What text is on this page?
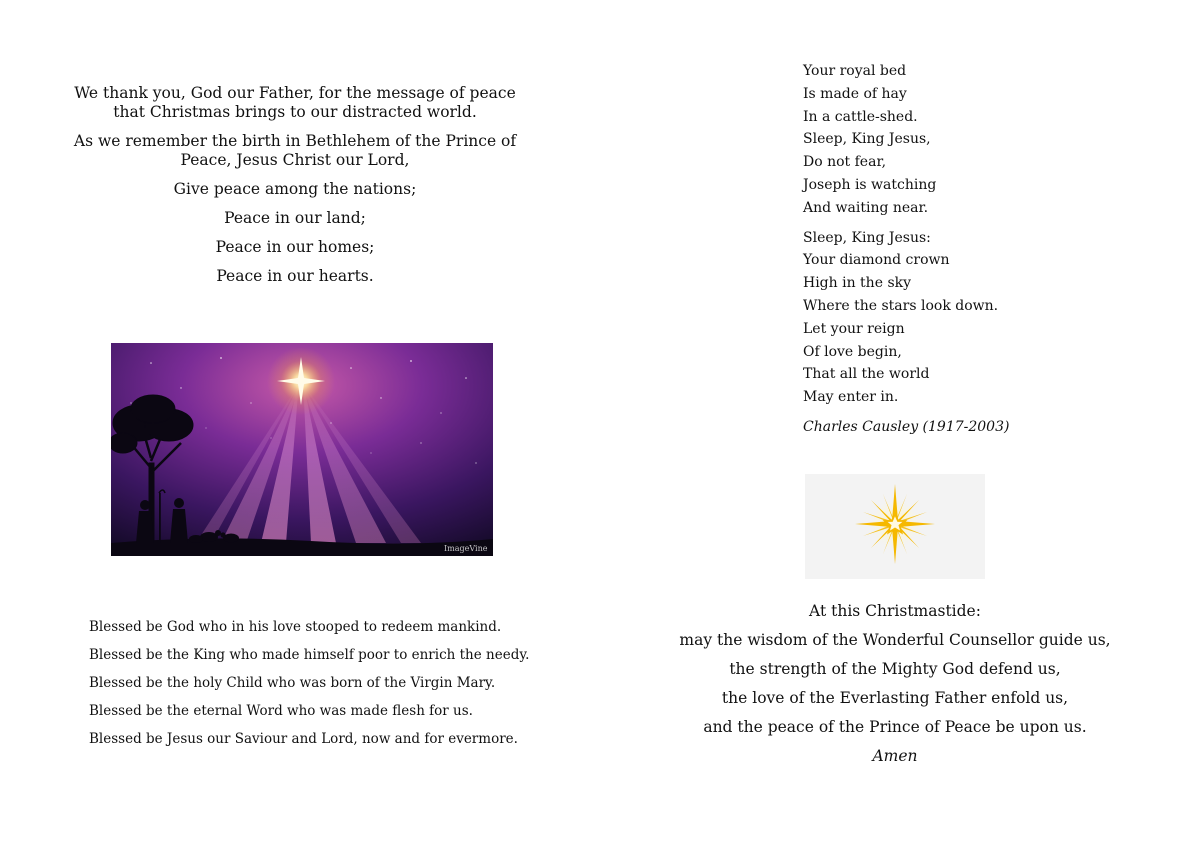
We thank you, God our Father, for the message of peace that Christmas brings to our distracted world.

As we remember the birth in Bethlehem of the Prince of Peace, Jesus Christ our Lord,

Give peace among the nations;

Peace in our land;

Peace in our homes;

Peace in our hearts.

ImageVine
Blessed be God who in his love stooped to redeem mankind.
Blessed be the King who made himself poor to enrich the needy.
Blessed be the holy Child who was born of the Virgin Mary.
Blessed be the eternal Word who was made flesh for us.
Blessed be Jesus our Saviour and Lord, now and for evermore.
Your royal bed
Is made of hay
In a cattle-shed.
Sleep, King Jesus,
Do not fear,
Joseph is watching
And waiting near.
Sleep, King Jesus:
Your diamond crown
High in the sky
Where the stars look down.
Let your reign
Of love begin,
That all the world
May enter in.
Charles Causley (1917-2003)
At this Christmastide:
may the wisdom of the Wonderful Counsellor guide us,
the strength of the Mighty God defend us,
the love of the Everlasting Father enfold us,
and the peace of the Prince of Peace be upon us.
Amen
